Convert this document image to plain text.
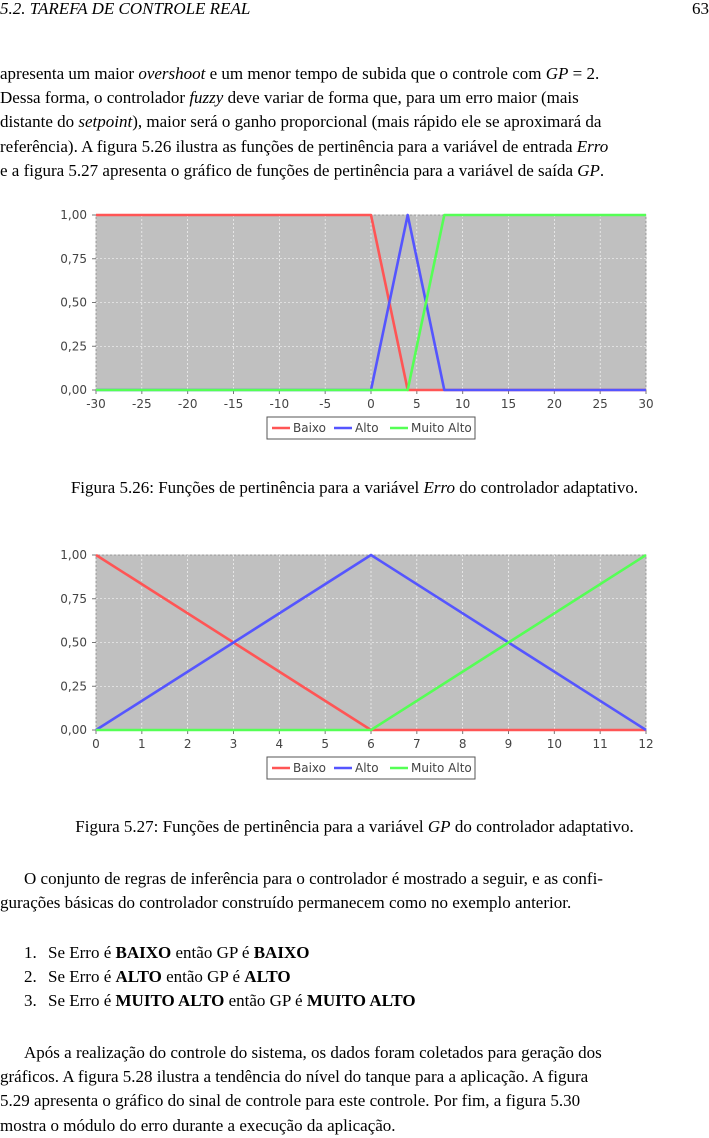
5.2. TAREFA DE CONTROLE REAL	63
apresenta um maior overshoot e um menor tempo de subida que o controle com GP = 2.
Dessa forma, o controlador fuzzy deve variar de forma que, para um erro maior (mais
distante do setpoint), maior será o ganho proporcional (mais rápido ele se aproximará da
referência). A figura 5.26 ilustra as funções de pertinência para a variável de entrada Erro
e a figura 5.27 apresenta o gráfico de funções de pertinência para a variável de saída GP.
-30 -25 -20 -15 -10	-5	0	5	10	15	20	25	30
0,00
0,25
0,50
0,75
1,00
Baixo Alto	Muito Alto
Figura 5.26: Funções de pertinência para a variável Erro do controlador adaptativo.
0	1	2	3	4	5	6	7	8	9	10	11	12
0,00
0,25
0,50
0,75
1,00
Baixo Alto	Muito Alto
Figura 5.27: Funções de pertinência para a variável GP do controlador adaptativo.
O conjunto de regras de inferência para o controlador é mostrado a seguir, e as confi-
gurações básicas do controlador construído permanecem como no exemplo anterior.
1. Se Erro é BAIXO então GP é BAIXO
2. Se Erro é ALTO então GP é ALTO
3. Se Erro é MUITO ALTO então GP é MUITO ALTO
Após a realização do controle do sistema, os dados foram coletados para geração dos
gráficos. A figura 5.28 ilustra a tendência do nível do tanque para a aplicação. A figura
5.29 apresenta o gráfico do sinal de controle para este controle. Por fim, a figura 5.30
mostra o módulo do erro durante a execução da aplicação.
